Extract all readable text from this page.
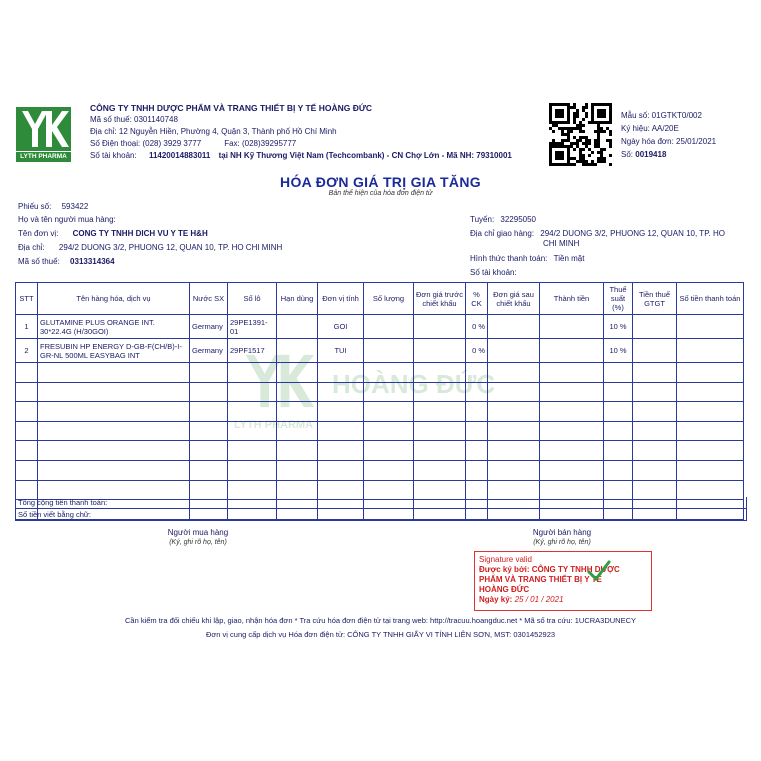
LYTH PHARMA
CÔNG TY TNHH DƯỢC PHẨM VÀ TRANG THIẾT BỊ Y TẾ HOÀNG ĐỨC
Mã số thuế: 0301140748
Địa chỉ: 12 Nguyễn Hiền, Phường 4, Quận 3, Thành phố Hồ Chí Minh
Số Điện thoại: (028) 3929 3777	Fax: (028)39295777
Số tài khoản: 11420014883011 tại NH Kỹ Thương Việt Nam (Techcombank) - CN Chợ Lớn - Mã NH: 79310001
Mẫu số: 01GTKT0/002
Ký hiệu: AA/20E
Ngày hóa đơn: 25/01/2021
Số: 0019418
HÓA ĐƠN GIÁ TRỊ GIA TĂNG
Bản thể hiện của hóa đơn điện tử
Phiếu số: 593422
Họ và tên người mua hàng:
Tên đơn vị: CONG TY TNHH DICH VU Y TE H&H
Địa chỉ: 294/2 DUONG 3/2, PHUONG 12, QUAN 10, TP. HO CHI MINH
Mã số thuế: 0313314364
Tuyến: 32295050
Địa chỉ giao hàng: 294/2 DUONG 3/2, PHUONG 12, QUAN 10, TP. HO
CHI MINH
Hình thức thanh toán: Tiền mặt
Số tài khoản:
HOÀNG ĐỨC
LYTH PHARMA
STT	Tên hàng hóa, dịch vụ	Nước SX	Số lô	Hạn dùng	Đơn vị tính	Số lượng	Đơn giá trước chiết khấu	% CK	Đơn giá sau chiết khấu	Thành tiền	Thuế suất (%)	Tiền thuế GTGT	Số tiền thanh toán
1	GLUTAMINE PLUS ORANGE INT. 30*22.4G (H/30GOI)	Germany	29PE1391-01		GOI			0 %			10 %		
2	FRESUBIN HP ENERGY D-GB-F(CH/B)-I-GR-NL 500ML EASYBAG INT	Germany	29PF1517		TUI			0 %			10 %		

Tổng cộng tiền thanh toán:
Số tiền viết bằng chữ:
Người mua hàng
(Ký, ghi rõ họ, tên)
Người bán hàng
(Ký, ghi rõ họ, tên)
Signature valid
Được ký bởi: CÔNG TY TNHH DƯỢC
PHẨM VÀ TRANG THIẾT BỊ Y TẾ
HOÀNG ĐỨC
Ngày ký: 25 / 01 / 2021
Cần kiểm tra đối chiếu khi lập, giao, nhận hóa đơn * Tra cứu hóa đơn điện tử tại trang web: http://tracuu.hoangduc.net * Mã số tra cứu: 1UCRA3DUNECY
Đơn vị cung cấp dịch vụ Hóa đơn điện tử: CÔNG TY TNHH GIẤY VI TÍNH LIÊN SƠN, MST: 0301452923
